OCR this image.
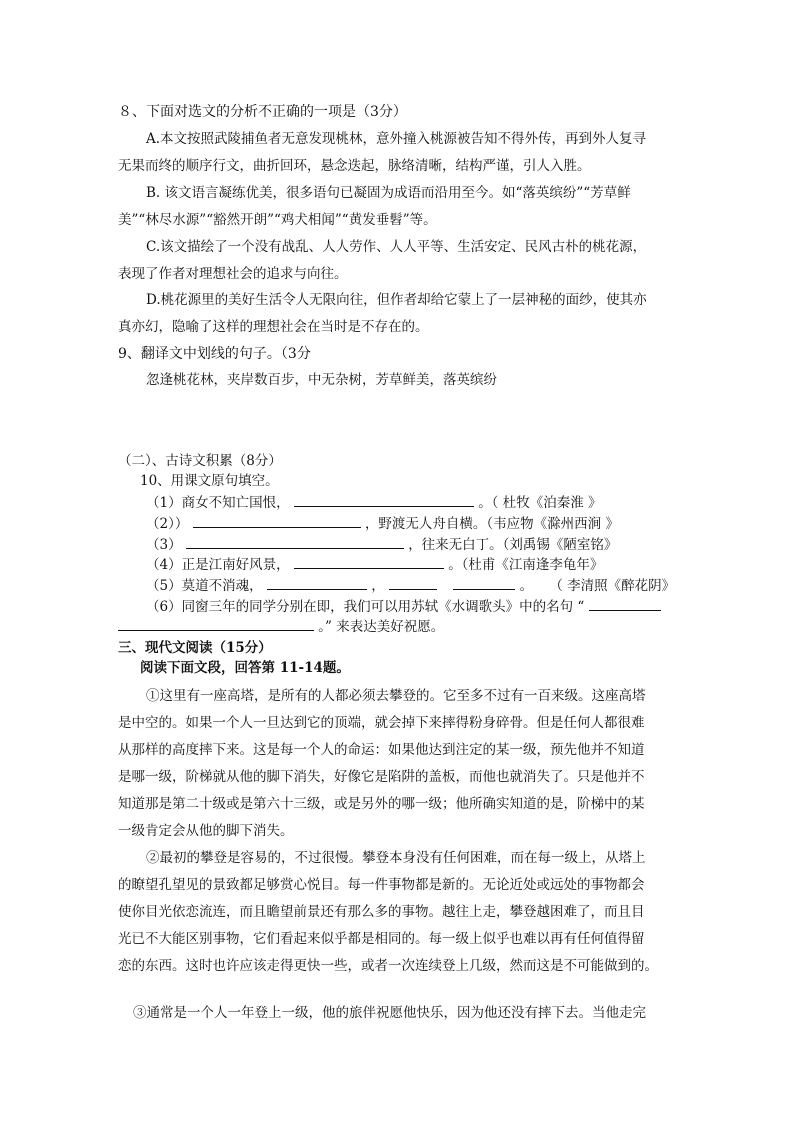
８、下面对选文的分析不正确的一项是（3分）
A.本文按照武陵捕鱼者无意发现桃林，意外撞入桃源被告知不得外传，再到外人复寻
无果而终的顺序行文，曲折回环，悬念迭起，脉络清晰，结构严谨，引人入胜。
B. 该文语言凝练优美，很多语句已凝固为成语而沿用至今。如“落英缤纷”“芳草鲜
美”“林尽水源”“豁然开朗”“鸡犬相闻”“黄发垂髫”等。
C.该文描绘了一个没有战乱、人人劳作、人人平等、生活安定、民风古朴的桃花源，
表现了作者对理想社会的追求与向往。
D.桃花源里的美好生活令人无限向往，但作者却给它蒙上了一层神秘的面纱，使其亦
真亦幻，隐喻了这样的理想社会在当时是不存在的。
9、翻译文中划线的句子。（3分
忽逢桃花林，夹岸数百步，中无杂树，芳草鲜美，落英缤纷
（二）、古诗文积累（8分）
10、用课文原句填空。
（1）商女不知亡国恨，	。（ 杜牧《泊秦淮 》
（2））	，野渡无人舟自横。（韦应物《滁州西涧 》
（3）	，往来无白丁。（刘禹锡《陋室铭》
（4）正是江南好风景，	。（杜甫《江南逢李龟年》
（5）莫道不消魂，	，	。 （ 李清照《醉花阴》
（6）同窗三年的同学分别在即，我们可以用苏轼《水调歌头》中的名句 “
。” 来表达美好祝愿。
三、现代文阅读（15分）
阅读下面文段，回答第 11-14题。
①这里有一座高塔，是所有的人都必须去攀登的。它至多不过有一百来级。这座高塔
是中空的。如果一个人一旦达到它的顶端，就会掉下来摔得粉身碎骨。但是任何人都很难
从那样的高度摔下来。这是每一个人的命运：如果他达到注定的某一级，预先他并不知道
是哪一级，阶梯就从他的脚下消失，好像它是陷阱的盖板，而他也就消失了。只是他并不
知道那是第二十级或是第六十三级，或是另外的哪一级；他所确实知道的是，阶梯中的某
一级肯定会从他的脚下消失。
②最初的攀登是容易的，不过很慢。攀登本身没有任何困难，而在每一级上，从塔上
的瞭望孔望见的景致都足够赏心悦目。每一件事物都是新的。无论近处或远处的事物都会
使你目光依恋流连，而且瞻望前景还有那么多的事物。越往上走，攀登越困难了，而且目
光已不大能区别事物，它们看起来似乎都是相同的。每一级上似乎也难以再有任何值得留
恋的东西。这时也许应该走得更快一些，或者一次连续登上几级，然而这是不可能做到的。
③通常是一个人一年登上一级，他的旅伴祝愿他快乐，因为他还没有摔下去。当他走完
